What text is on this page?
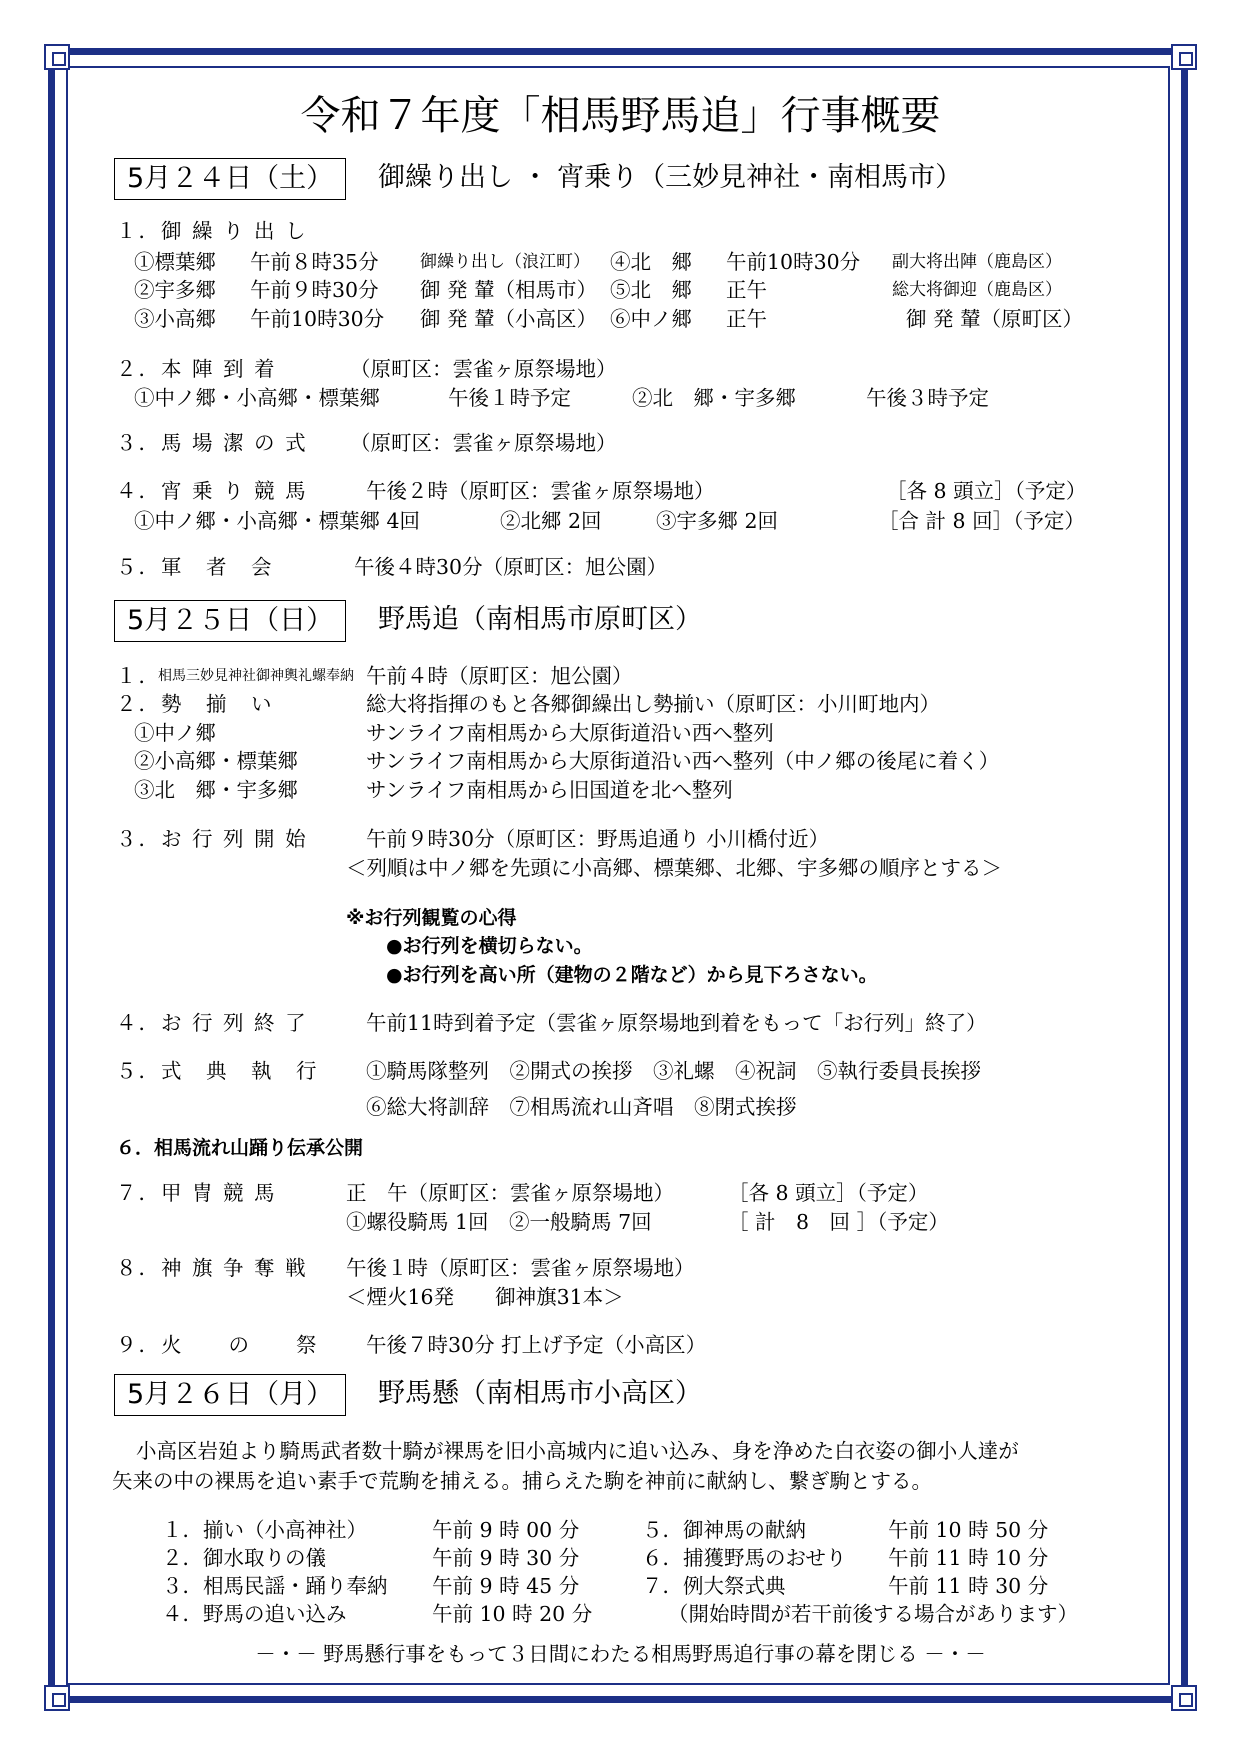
令和７年度「相馬野馬追」行事概要
5月２４日（土）	御繰り出し ・ 宵乗り（三妙見神社・南相馬市）
１．御 繰 り 出 し
①標葉郷 午前８時35分 御繰り出し（浪江町） ④北　郷 午前10時30分 副大将出陣（鹿島区）
②宇多郷 午前９時30分 御 発 輦（相馬市） ⑤北　郷 正午	総大将御迎（鹿島区）
③小高郷 午前10時30分 御 発 輦（小高区） ⑥中ノ郷 正午	御 発 輦（原町区）
２．本 陣 到 着	（原町区：雲雀ヶ原祭場地）
①中ノ郷・小高郷・標葉郷	午後１時予定	②北　郷・宇多郷	午後３時予定
３．馬 場 潔 の 式 （原町区：雲雀ヶ原祭場地）
４．宵 乗 り 競 馬	午後２時（原町区：雲雀ヶ原祭場地）	［各 8 頭立］（予定）
①中ノ郷・小高郷・標葉郷 4回	②北郷 2回	③宇多郷 2回	［合 計 8 回］（予定）
５．軍　者　会	午後４時30分（原町区：旭公園）
5月２５日（日）	野馬追（南相馬市原町区）
１．
相馬三妙見神社御神輿礼螺奉納 午前４時（原町区：旭公園）
２．勢　揃　い	総大将指揮のもと各郷御繰出し勢揃い（原町区：小川町地内）
①中ノ郷	サンライフ南相馬から大原街道沿い西へ整列
②小高郷・標葉郷	サンライフ南相馬から大原街道沿い西へ整列（中ノ郷の後尾に着く）
③北　郷・宇多郷	サンライフ南相馬から旧国道を北へ整列
３．お 行 列 開 始	午前９時30分（原町区：野馬追通り 小川橋付近）
＜列順は中ノ郷を先頭に小高郷、標葉郷、北郷、宇多郷の順序とする＞
※お行列観覧の心得
●お行列を横切らない。
●お行列を高い所（建物の２階など）から見下ろさない。
４．お 行 列 終 了	午前11時到着予定（雲雀ヶ原祭場地到着をもって「お行列」終了）
５．式　典　執　行 ①騎馬隊整列　②開式の挨拶　③礼螺　④祝詞　⑤執行委員長挨拶
⑥総大将訓辞　⑦相馬流れ山斉唱　⑧閉式挨拶
６．相馬流れ山踊り伝承公開
７．甲 冑 競 馬	正　午（原町区：雲雀ヶ原祭場地）	［各 8 頭立］（予定）
①螺役騎馬 1回　②一般騎馬 7回	［ 計　8　回 ］（予定）
８．神 旗 争 奪 戦 午後１時（原町区：雲雀ヶ原祭場地）
＜煙火16発　　御神旗31本＞
９．火　　の　　祭 午後７時30分 打上げ予定（小高区）
5月２６日（月）	野馬懸（南相馬市小高区）
小高区岩廹より騎馬武者数十騎が裸馬を旧小高城内に追い込み、身を浄めた白衣姿の御小人達が
矢来の中の裸馬を追い素手で荒駒を捕える。捕らえた駒を神前に献納し、繋ぎ駒とする。
１．揃い（小高神社）	午前 9 時 00 分
２．御水取りの儀	午前 9 時 30 分
３．相馬民謡・踊り奉納 午前 9 時 45 分
４．野馬の追い込み	午前 10 時 20 分
５．御神馬の献納	午前 10 時 50 分
６．捕獲野馬のおせり 午前 11 時 10 分
７．例大祭式典	午前 11 時 30 分
（開始時間が若干前後する場合があります）
－・－ 野馬懸行事をもって３日間にわたる相馬野馬追行事の幕を閉じる －・－
